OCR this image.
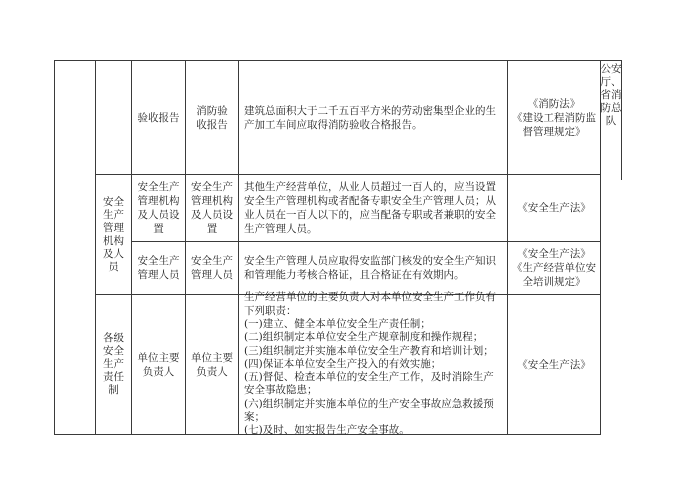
公安厅、省消防总队
验收报告
消防验收报告
建筑总面积大于二千五百平方米的劳动密集型企业的生产加工车间应取得消防验收合格报告。
《消防法》
《建设工程消防监督管理规定》
安全生产管理机构及人员
安全生产管理机构及人员设置
安全生产管理机构及人员设置
其他生产经营单位，从业人员超过一百人的，应当设置安全生产管理机构或者配备专职安全生产管理人员；从业人员在一百人以下的，应当配备专职或者兼职的安全生产管理人员。
《安全生产法》
安全生产管理人员
安全生产管理人员
安全生产管理人员应取得安监部门核发的安全生产知识和管理能力考核合格证，且合格证在有效期内。
《安全生产法》
《生产经营单位安全培训规定》
各级安全生产责任制
单位主要负责人
单位主要负责人
生产经营单位的主要负责人对本单位安全生产工作负有下列职责：
(一)建立、健全本单位安全生产责任制；
(二)组织制定本单位安全生产规章制度和操作规程；
(三)组织制定并实施本单位安全生产教育和培训计划；
(四)保证本单位安全生产投入的有效实施；
(五)督促、检查本单位的安全生产工作，及时消除生产安全事故隐患；
(六)组织制定并实施本单位的生产安全事故应急救援预案；
(七)及时、如实报告生产安全事故。
《安全生产法》
